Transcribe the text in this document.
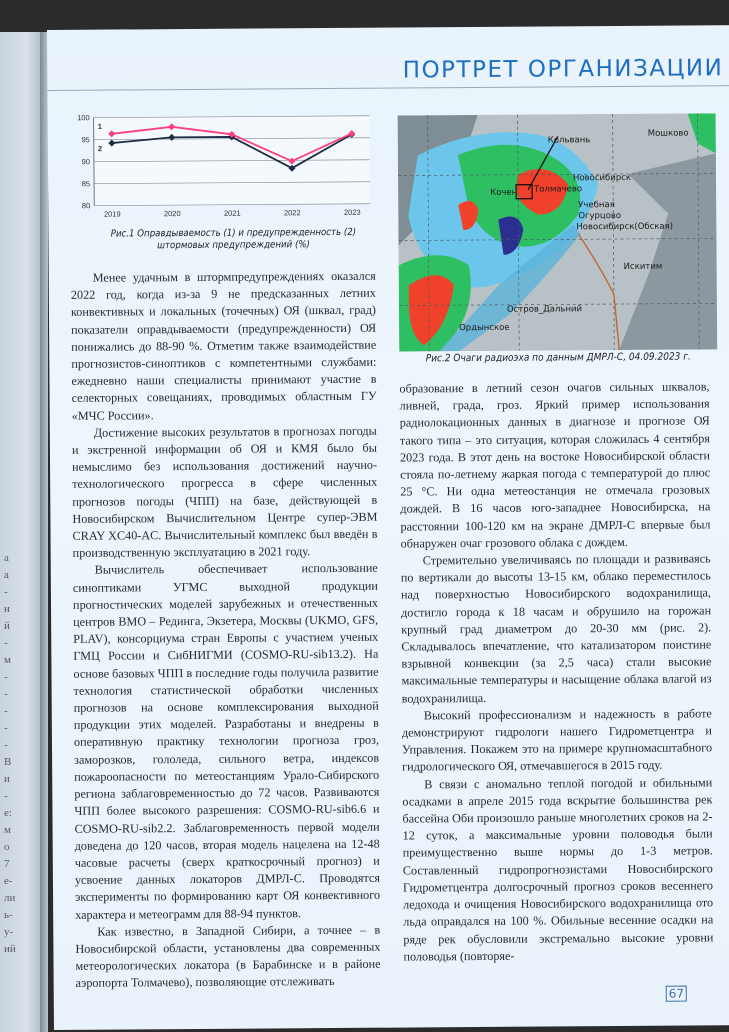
а
а
-
н
й
-
м
-
-
-
-
-
В
и
-
е:
м
о
7
е-
ли
ь-
у-
ий
ПОРТРЕТ ОРГАНИЗАЦИИ
80
85
90
95
100
2019	2020	2021	2022	2023
1
2
Рис.1 Оправдываемость (1) и предупрежденность (2)
штормовых предупреждений (%)
Кольвань
Мошково
Новосибирск
Кочен Толмачево
Учебная
Огурцово
Новосибирск(Обская)
Искитим
Остров_Дальний
Ордынское
Рис.2 Очаги радиоэха по данным ДМРЛ-С, 04.09.2023 г.

Менее удачным в штормпредупреждениях оказался 2022 год, когда из-за 9 не предсказанных летних конвективных и локальных (точечных) ОЯ (шквал, град) показатели оправдываемости (предупрежденности) ОЯ понижались до 88-90 %. Отметим также взаимодействие прогнозистов-синоптиков с компетентными службами: ежедневно наши специалисты принимают участие в селекторных совещаниях, проводимых областным ГУ «МЧС России».

Достижение высоких результатов в прогнозах погоды и экстренной информации об ОЯ и КМЯ было бы немыслимо без использования достижений научно-технологического прогресса в сфере численных прогнозов погоды (ЧПП) на базе, действующей в Новосибирском Вычислительном Центре супер-ЭВМ CRAY XC40-AC. Вычислительный комплекс был введён в производственную эксплуатацию в 2021 году.

Вычислитель обеспечивает использование синоптиками УГМС выходной продукции прогностических моделей зарубежных и отечественных центров ВМО – Рединга, Экзетера, Москвы (UKMO, GFS, PLAV), консорциума стран Европы с участием ученых ГМЦ России и СибНИГМИ (COSMO-RU-sib13.2). На основе базовых ЧПП в последние годы получила развитие технология статистической обработки численных прогнозов на основе комплексирования выходной продукции этих моделей. Разработаны и внедрены в оперативную практику технологии прогноза гроз, заморозков, гололеда, сильного ветра, индексов пожароопасности по метеостанциям Урало-Сибирского региона заблаговременностью до 72 часов. Развиваются ЧПП более высокого разрешения: COSMO-RU-sib6.6 и COSMO-RU-sib2.2. Заблаговременность первой модели доведена до 120 часов, вторая модель нацелена на 12-48 часовые расчеты (сверх краткосрочный прогноз) и усвоение данных локаторов ДМРЛ-С. Проводятся эксперименты по формированию карт ОЯ конвективного характера и метеограмм для 88-94 пунктов.

Как известно, в Западной Сибири, а точнее – в Новосибирской области, установлены два современных метеорологических локатора (в Барабинске и в районе аэропорта Толмачево), позволяющие отслеживать

образование в летний сезон очагов сильных шквалов, ливней, града, гроз. Яркий пример использования радиолокационных данных в диагнозе и прогнозе ОЯ такого типа – это ситуация, которая сложилась 4 сентября 2023 года. В этот день на востоке Новосибирской области стояла по-летнему жаркая погода с температурой до плюс 25 °С. Ни одна метеостанция не отмечала грозовых дождей. В 16 часов юго-западнее Новосибирска, на расстоянии 100-120 км на экране ДМРЛ-С впервые был обнаружен очаг грозового облака с дождем.

Стремительно увеличиваясь по площади и развиваясь по вертикали до высоты 13-15 км, облако переместилось над поверхностью Новосибирского водохранилища, достигло города к 18 часам и обрушило на горожан крупный град диаметром до 20-30 мм (рис. 2). Складывалось впечатление, что катализатором поистине взрывной конвекции (за 2,5 часа) стали высокие максимальные температуры и насыщение облака влагой из водохранилища.

Высокий профессионализм и надежность в работе демонстрируют гидрологи нашего Гидрометцентра и Управления. Покажем это на примере крупномасштабного гидрологического ОЯ, отмечавшегося в 2015 году.

В связи с аномально теплой погодой и обильными осадками в апреле 2015 года вскрытие большинства рек бассейна Оби произошло раньше многолетних сроков на 2-12 суток, а максимальные уровни половодья были преимущественно выше нормы до 1-3 метров. Составленный гидропрогнозистами Новосибирского Гидрометцентра долгосрочный прогноз сроков весеннего ледохода и очищения Новосибирского водохранилища ото льда оправдался на 100 %. Обильные весенние осадки на ряде рек обусловили экстремально высокие уровни половодья (повторяе-

67
